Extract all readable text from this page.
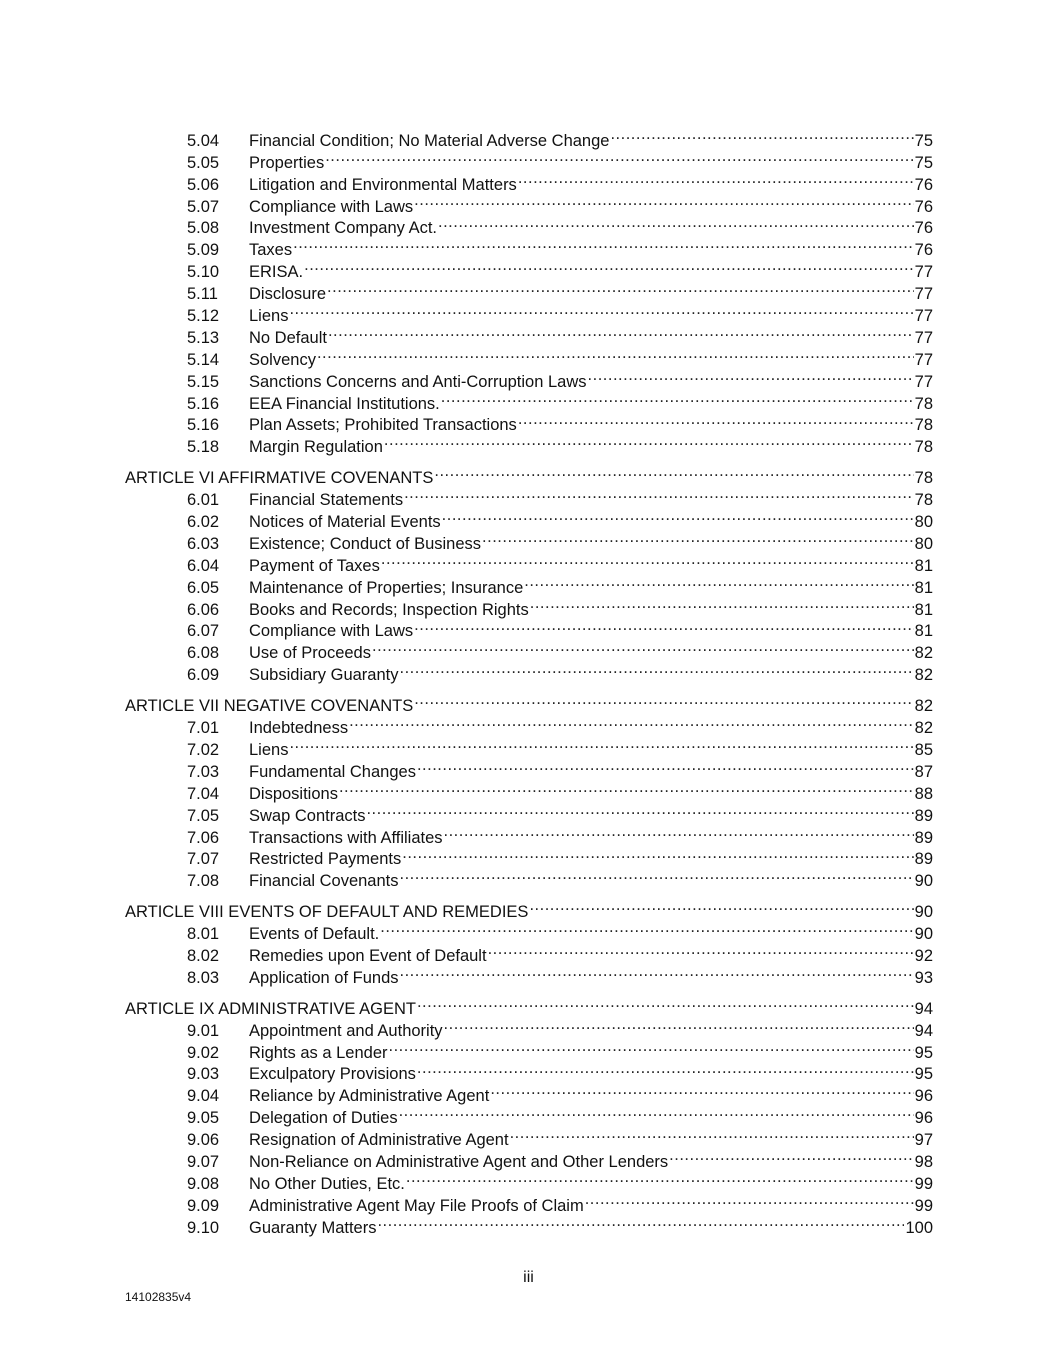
5.04	Financial Condition; No Material Adverse Change .....	75
5.05	Properties .....	75
5.06	Litigation and Environmental Matters .....	76
5.07	Compliance with Laws .....	76
5.08	Investment Company Act. .....	76
5.09	Taxes .....	76
5.10	ERISA. .....	77
5.11	Disclosure .....	77
5.12	Liens .....	77
5.13	No Default .....	77
5.14	Solvency .....	77
5.15	Sanctions Concerns and Anti-Corruption Laws .....	77
5.16	EEA Financial Institutions. .....	78
5.16	Plan Assets; Prohibited Transactions .....	78
5.18	Margin Regulation .....	78
ARTICLE VI AFFIRMATIVE COVENANTS .....	78
6.01	Financial Statements .....	78
6.02	Notices of Material Events .....	80
6.03	Existence; Conduct of Business .....	80
6.04	Payment of Taxes .....	81
6.05	Maintenance of Properties; Insurance .....	81
6.06	Books and Records; Inspection Rights .....	81
6.07	Compliance with Laws .....	81
6.08	Use of Proceeds .....	82
6.09	Subsidiary Guaranty .....	82
ARTICLE VII NEGATIVE COVENANTS .....	82
7.01	Indebtedness .....	82
7.02	Liens .....	85
7.03	Fundamental Changes .....	87
7.04	Dispositions .....	88
7.05	Swap Contracts .....	89
7.06	Transactions with Affiliates .....	89
7.07	Restricted Payments .....	89
7.08	Financial Covenants .....	90
ARTICLE VIII EVENTS OF DEFAULT AND REMEDIES .....	90
8.01	Events of Default. .....	90
8.02	Remedies upon Event of Default .....	92
8.03	Application of Funds .....	93
ARTICLE IX ADMINISTRATIVE AGENT .....	94
9.01	Appointment and Authority .....	94
9.02	Rights as a Lender .....	95
9.03	Exculpatory Provisions .....	95
9.04	Reliance by Administrative Agent .....	96
9.05	Delegation of Duties .....	96
9.06	Resignation of Administrative Agent .....	97
9.07	Non-Reliance on Administrative Agent and Other Lenders .....	98
9.08	No Other Duties, Etc. .....	99
9.09	Administrative Agent May File Proofs of Claim .....	99
9.10	Guaranty Matters .....	100
iii
14102835v4
